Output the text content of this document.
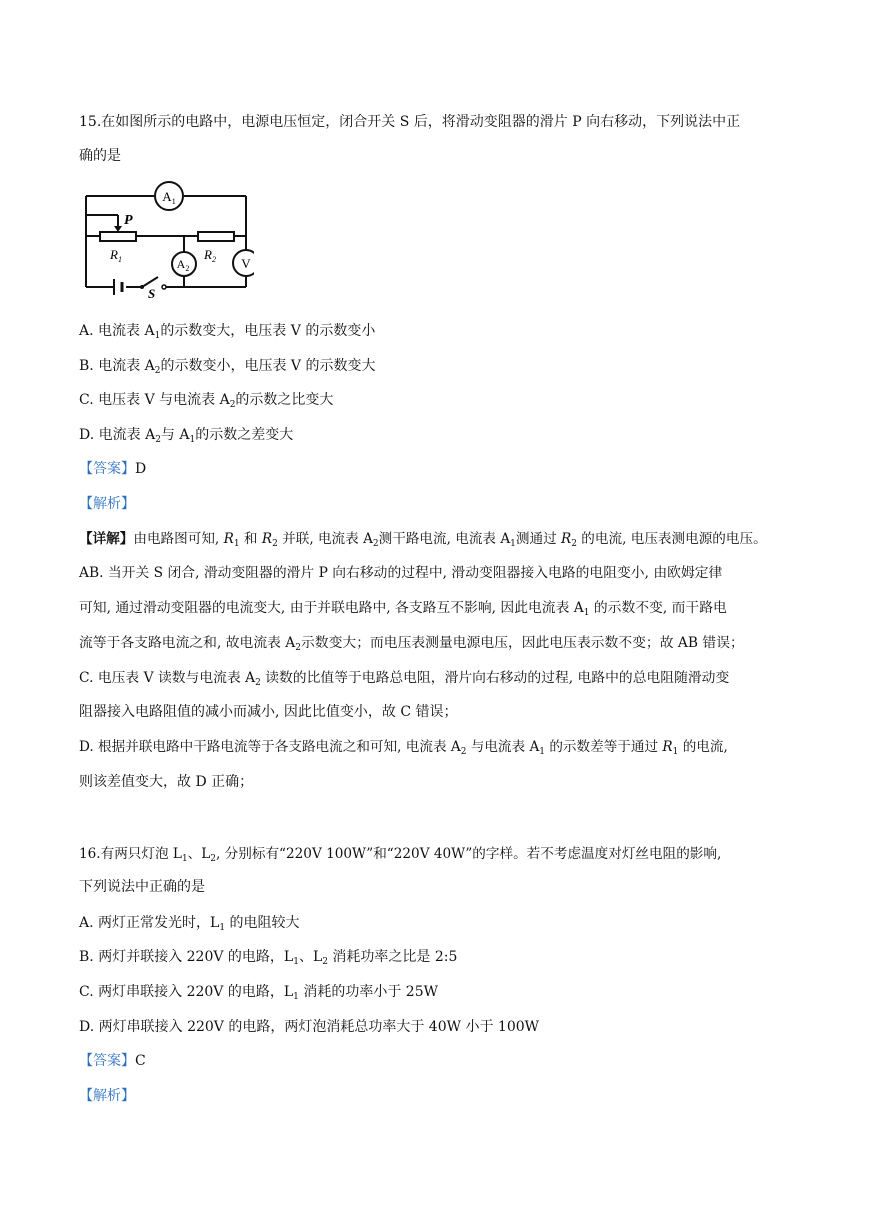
15.在如图所示的电路中，电源电压恒定，闭合开关 S 后，将滑动变阻器的滑片 P 向右移动，下列说法中正
确的是
$A_1$
$A_2$	V
P
$R_1$	$R_2$
S
A. 电流表 $A_1$的示数变大，电压表 V 的示数变小
B. 电流表 $A_2$的示数变小，电压表 V 的示数变大
C. 电压表 V 与电流表 $A_2$的示数之比变大
D. 电流表 $A_2$与 $A_1$的示数之差变大
【答案】D
【解析】
【详解】由电路图可知, $R_1$ 和 $R_2$ 并联, 电流表 $A_2$测干路电流, 电流表 $A_1$测通过 $R_2$ 的电流, 电压表测电源的电压。
AB. 当开关 S 闭合, 滑动变阻器的滑片 P 向右移动的过程中, 滑动变阻器接入电路的电阻变小, 由欧姆定律
可知, 通过滑动变阻器的电流变大, 由于并联电路中, 各支路互不影响, 因此电流表 $A_1$ 的示数不变, 而干路电
流等于各支路电流之和, 故电流表 $A_2$示数变大；而电压表测量电源电压，因此电压表示数不变；故 AB 错误；
C. 电压表 V 读数与电流表 $A_2$ 读数的比值等于电路总电阻，滑片向右移动的过程, 电路中的总电阻随滑动变
阻器接入电路阻值的减小而减小, 因此比值变小，故 C 错误；
D. 根据并联电路中干路电流等于各支路电流之和可知, 电流表 $A_2$ 与电流表 $A_1$ 的示数差等于通过 $R_1$ 的电流,
则该差值变大，故 D 正确；
16.有两只灯泡 $L_1$、$L_2$, 分别标有“220V 100W”和“220V 40W”的字样。若不考虑温度对灯丝电阻的影响,
下列说法中正确的是
A. 两灯正常发光时，$L_1$ 的电阻较大
B. 两灯并联接入 220V 的电路，$L_1$、$L_2$ 消耗功率之比是 2:5
C. 两灯串联接入 220V 的电路，$L_1$ 消耗的功率小于 25W
D. 两灯串联接入 220V 的电路，两灯泡消耗总功率大于 40W 小于 100W
【答案】C
【解析】
